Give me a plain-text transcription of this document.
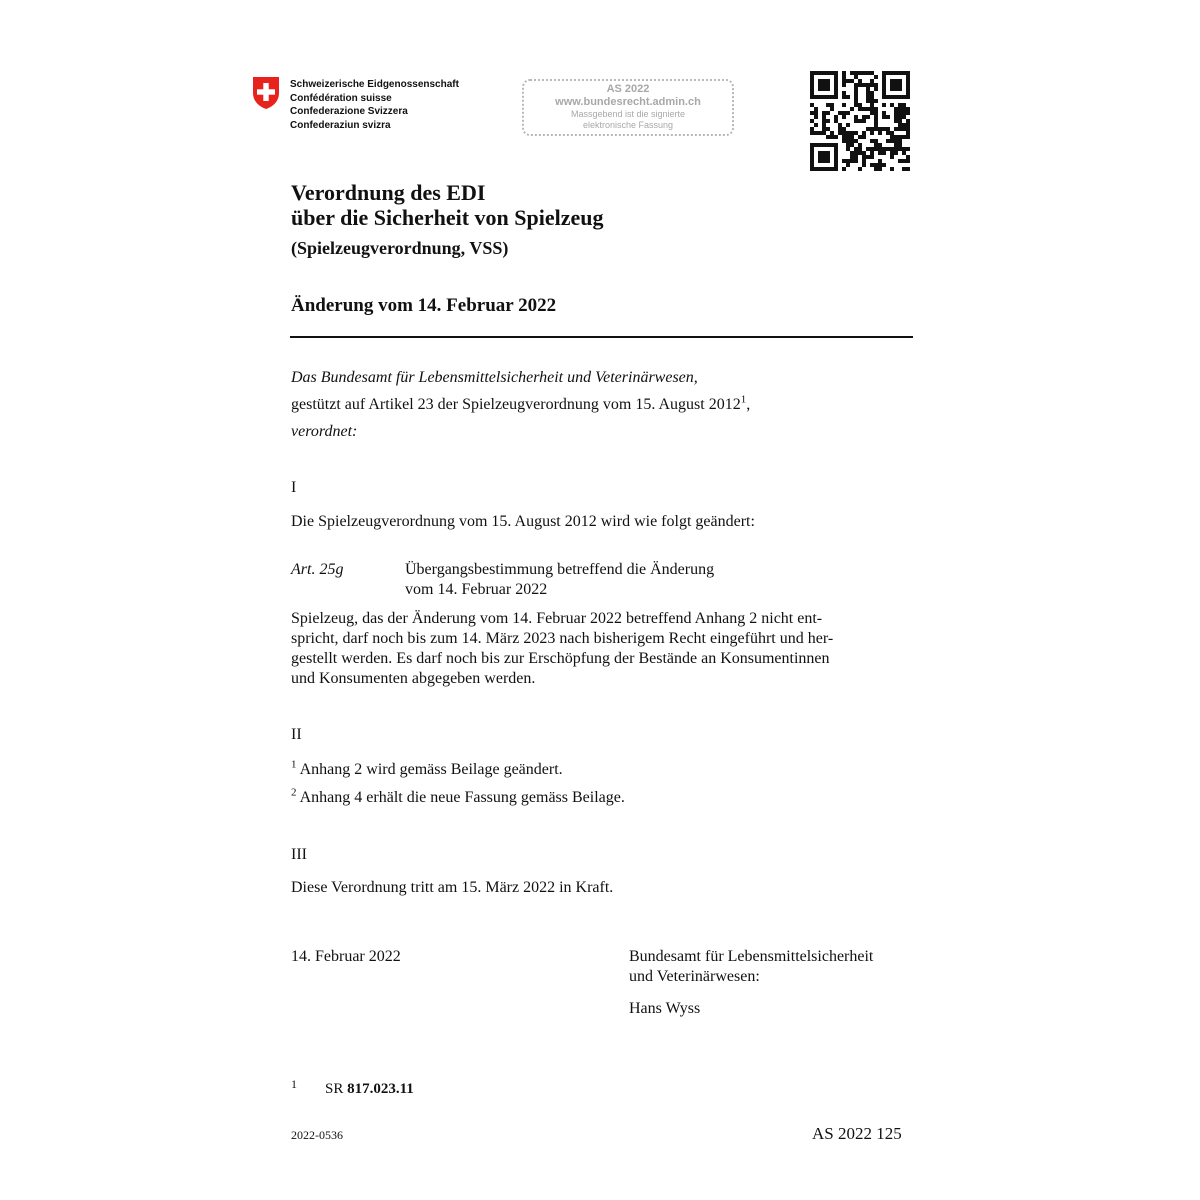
Schweizerische Eidgenossenschaft
Confédération suisse
Confederazione Svizzera
Confederaziun svizra
AS 2022
www.bundesrecht.admin.ch
Massgebend ist die signierte
elektronische Fassung
Verordnung des EDI
über die Sicherheit von Spielzeug
(Spielzeugverordnung, VSS)
Änderung vom 14. Februar 2022
Das Bundesamt für Lebensmittelsicherheit und Veterinärwesen,
gestützt auf Artikel 23 der Spielzeugverordnung vom 15. August 2012$^1$,
verordnet:
I
Die Spielzeugverordnung vom 15. August 2012 wird wie folgt geändert:
Art. 25g	Übergangsbestimmung betreffend die Änderung
vom 14. Februar 2022
Spielzeug, das der Änderung vom 14. Februar 2022 betreffend Anhang 2 nicht ent-
spricht, darf noch bis zum 14. März 2023 nach bisherigem Recht eingeführt und her-
gestellt werden. Es darf noch bis zur Erschöpfung der Bestände an Konsumentinnen
und Konsumenten abgegeben werden.
II
$^1$ Anhang 2 wird gemäss Beilage geändert.
$^2$ Anhang 4 erhält die neue Fassung gemäss Beilage.
III
Diese Verordnung tritt am 15. März 2022 in Kraft.
14. Februar 2022	Bundesamt für Lebensmittelsicherheit
und Veterinärwesen:
Hans Wyss
1 SR 817.023.11
2022-0536	AS 2022 125
